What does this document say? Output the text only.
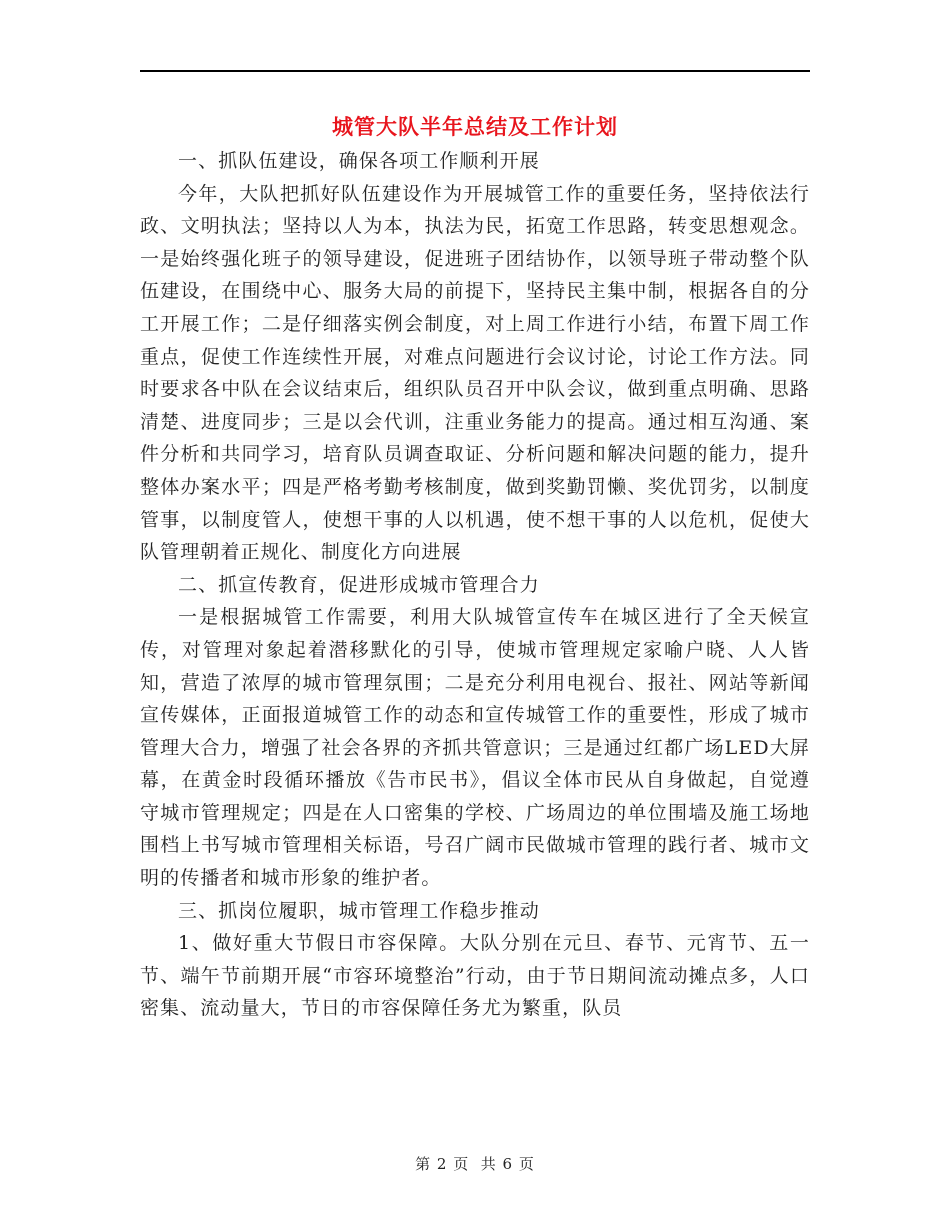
城管大队半年总结及工作计划

一、抓队伍建设，确保各项工作顺利开展

今年，大队把抓好队伍建设作为开展城管工作的重要任务，坚持依法行政、文明执法；坚持以人为本，执法为民，拓宽工作思路，转变思想观念。一是始终强化班子的领导建设，促进班子团结协作，以领导班子带动整个队伍建设，在围绕中心、服务大局的前提下，坚持民主集中制，根据各自的分工开展工作；二是仔细落实例会制度，对上周工作进行小结，布置下周工作重点，促使工作连续性开展，对难点问题进行会议讨论，讨论工作方法。同时要求各中队在会议结束后，组织队员召开中队会议，做到重点明确、思路清楚、进度同步；三是以会代训，注重业务能力的提高。通过相互沟通、案件分析和共同学习，培育队员调查取证、分析问题和解决问题的能力，提升整体办案水平；四是严格考勤考核制度，做到奖勤罚懒、奖优罚劣，以制度管事，以制度管人，使想干事的人以机遇，使不想干事的人以危机，促使大队管理朝着正规化、制度化方向进展

二、抓宣传教育，促进形成城市管理合力

一是根据城管工作需要，利用大队城管宣传车在城区进行了全天候宣传，对管理对象起着潜移默化的引导，使城市管理规定家喻户晓、人人皆知，营造了浓厚的城市管理氛围；二是充分利用电视台、报社、网站等新闻宣传媒体，正面报道城管工作的动态和宣传城管工作的重要性，形成了城市管理大合力，增强了社会各界的齐抓共管意识；三是通过红都广场LED大屏幕，在黄金时段循环播放《告市民书》，倡议全体市民从自身做起，自觉遵守城市管理规定；四是在人口密集的学校、广场周边的单位围墙及施工场地围档上书写城市管理相关标语，号召广阔市民做城市管理的践行者、城市文明的传播者和城市形象的维护者。

三、抓岗位履职，城市管理工作稳步推动

1、做好重大节假日市容保障。大队分别在元旦、春节、元宵节、五一节、端午节前期开展“市容环境整治”行动，由于节日期间流动摊点多，人口密集、流动量大，节日的市容保障任务尤为繁重，队员

第 2 页  共 6 页
